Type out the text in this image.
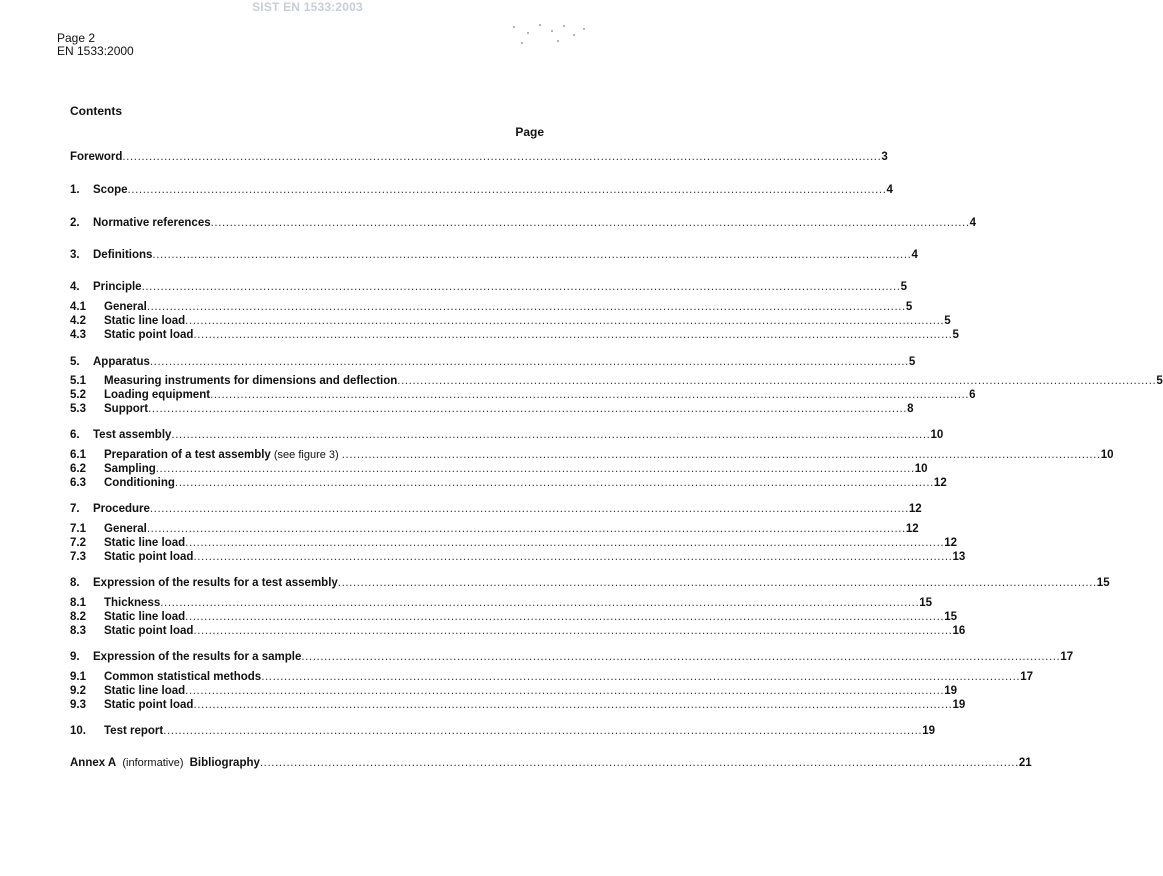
SIST EN 1533:2003
Page 2
EN 1533:2000
Contents
Page
Foreword ........................................................................................................................................................................................................ 3
1.	Scope ........................................................................................................................................................................................................ 4
2.	Normative references ........................................................................................................................................................................................................ 4
3.	Definitions ........................................................................................................................................................................................................ 4
4.	Principle ........................................................................................................................................................................................................ 5
4.1	General ........................................................................................................................................................................................................ 5
4.2	Static line load ........................................................................................................................................................................................................ 5
4.3	Static point load ........................................................................................................................................................................................................ 5
5.	Apparatus ........................................................................................................................................................................................................ 5
5.1	Measuring instruments for dimensions and deflection ........................................................................................................................................................................................................ 5
5.2	Loading equipment ........................................................................................................................................................................................................ 6
5.3	Support ........................................................................................................................................................................................................ 8
6.	Test assembly ........................................................................................................................................................................................................ 10
6.1	Preparation of a test assembly (see figure 3) ........................................................................................................................................................................................................ 10
6.2	Sampling ........................................................................................................................................................................................................ 10
6.3	Conditioning ........................................................................................................................................................................................................ 12
7.	Procedure ........................................................................................................................................................................................................ 12
7.1	General ........................................................................................................................................................................................................ 12
7.2	Static line load ........................................................................................................................................................................................................ 12
7.3	Static point load ........................................................................................................................................................................................................ 13
8.	Expression of the results for a test assembly ........................................................................................................................................................................................................ 15
8.1	Thickness ........................................................................................................................................................................................................ 15
8.2	Static line load ........................................................................................................................................................................................................ 15
8.3	Static point load ........................................................................................................................................................................................................ 16
9.	Expression of the results for a sample ........................................................................................................................................................................................................ 17
9.1	Common statistical methods ........................................................................................................................................................................................................ 17
9.2	Static line load ........................................................................................................................................................................................................ 19
9.3	Static point load ........................................................................................................................................................................................................ 19
10.	Test report ........................................................................................................................................................................................................ 19
Annex A (informative) Bibliography ........................................................................................................................................................................................................ 21
